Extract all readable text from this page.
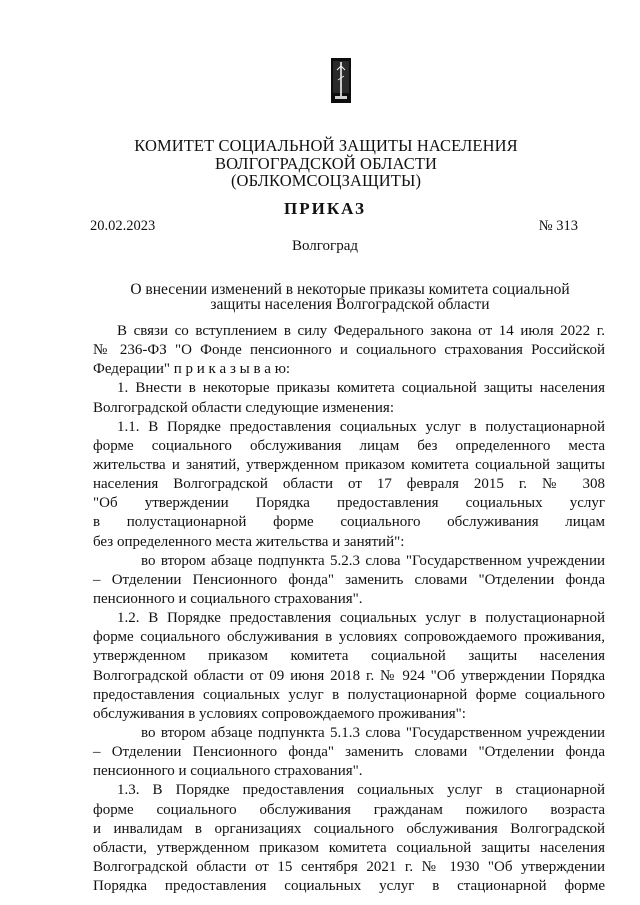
КОМИТЕТ СОЦИАЛЬНОЙ ЗАЩИТЫ НАСЕЛЕНИЯ
ВОЛГОГРАДСКОЙ ОБЛАСТИ
(ОБЛКОМСОЦЗАЩИТЫ)
ПРИКАЗ
20.02.2023	№ 313
Волгоград
О внесении изменений в некоторые приказы комитета социальной
защиты населения Волгоградской области
В связи со вступлением в силу Федерального закона от 14 июля 2022 г.
№ 236-ФЗ "О Фонде пенсионного и социального страхования Российской
Федерации" п р и к а з ы в а ю:
1. Внести в некоторые приказы комитета социальной защиты населения
Волгоградской области следующие изменения:
1.1. В Порядке предоставления социальных услуг в полустационарной
форме социального обслуживания лицам без определенного места
жительства и занятий, утвержденном приказом комитета социальной защиты
населения Волгоградской области от 17 февраля 2015 г. № 308
"Об утверждении Порядка предоставления социальных услуг
в полустационарной форме социального обслуживания лицам
без определенного места жительства и занятий":
во втором абзаце подпункта 5.2.3 слова "Государственном учреждении
– Отделении Пенсионного фонда" заменить словами "Отделении фонда
пенсионного и социального страхования".
1.2. В Порядке предоставления социальных услуг в полустационарной
форме социального обслуживания в условиях сопровождаемого проживания,
утвержденном приказом комитета социальной защиты населения
Волгоградской области от 09 июня 2018 г. № 924 "Об утверждении Порядка
предоставления социальных услуг в полустационарной форме социального
обслуживания в условиях сопровождаемого проживания":
во втором абзаце подпункта 5.1.3 слова "Государственном учреждении
– Отделении Пенсионного фонда" заменить словами "Отделении фонда
пенсионного и социального страхования".
1.3. В Порядке предоставления социальных услуг в стационарной
форме социального обслуживания гражданам пожилого возраста
и инвалидам в организациях социального обслуживания Волгоградской
области, утвержденном приказом комитета социальной защиты населения
Волгоградской области от 15 сентября 2021 г. № 1930 "Об утверждении
Порядка предоставления социальных услуг в стационарной форме
